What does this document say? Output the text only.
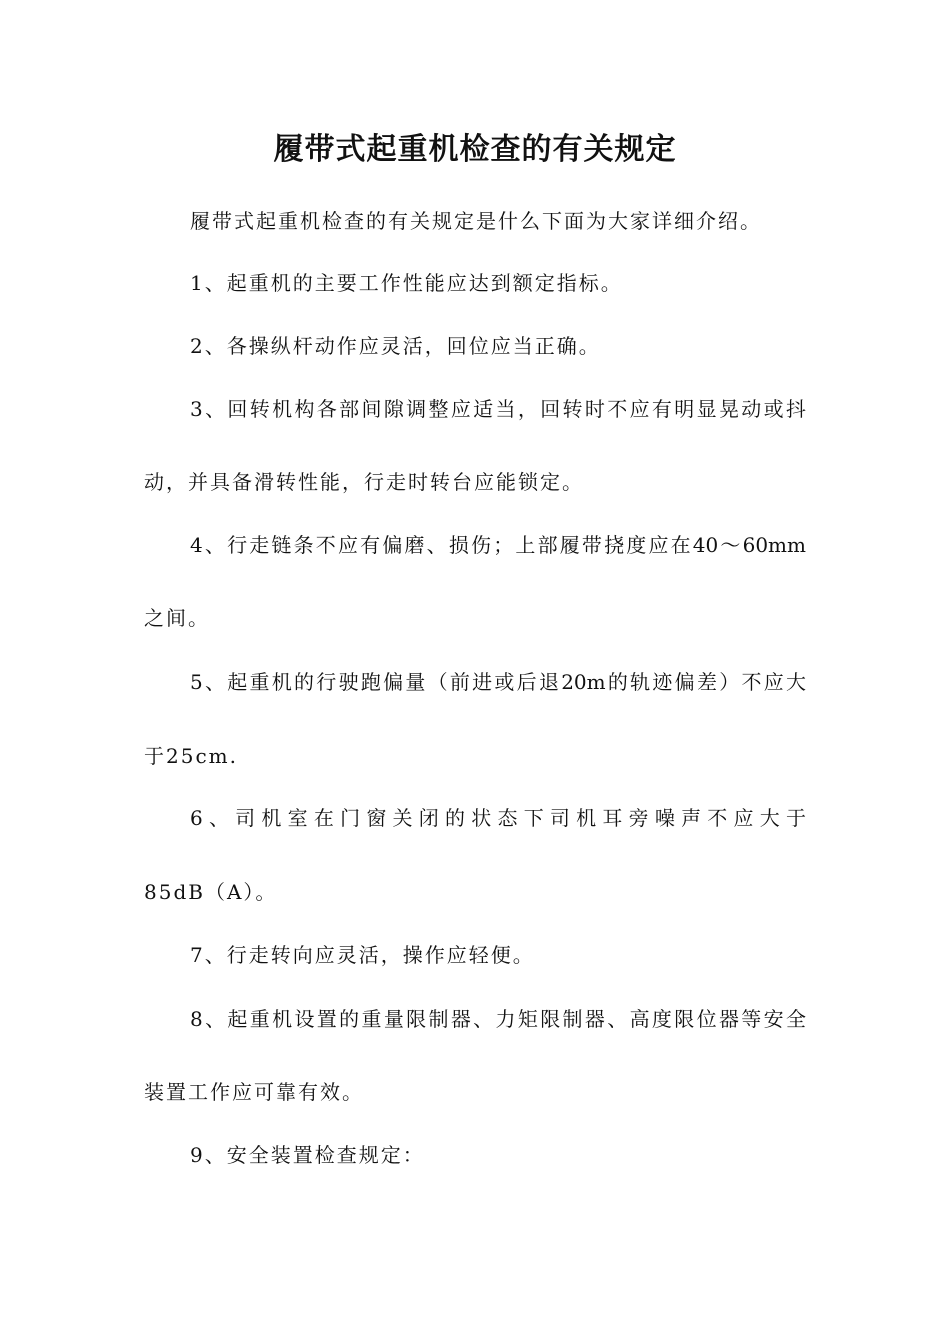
履带式起重机检查的有关规定
履带式起重机检查的有关规定是什么下面为大家详细介绍。
1、起重机的主要工作性能应达到额定指标。
2、各操纵杆动作应灵活，回位应当正确。
3、回转机构各部间隙调整应适当，回转时不应有明显晃动或抖
动，并具备滑转性能，行走时转台应能锁定。
4、行走链条不应有偏磨、损伤；上部履带挠度应在40～60mm
之间。
5、起重机的行驶跑偏量（前进或后退20m的轨迹偏差）不应大
于25cm.
6、司机室在门窗关闭的状态下司机耳旁噪声不应大于
85dB（A）。
7、行走转向应灵活，操作应轻便。
8、起重机设置的重量限制器、力矩限制器、高度限位器等安全
装置工作应可靠有效。
9、安全装置检查规定：
